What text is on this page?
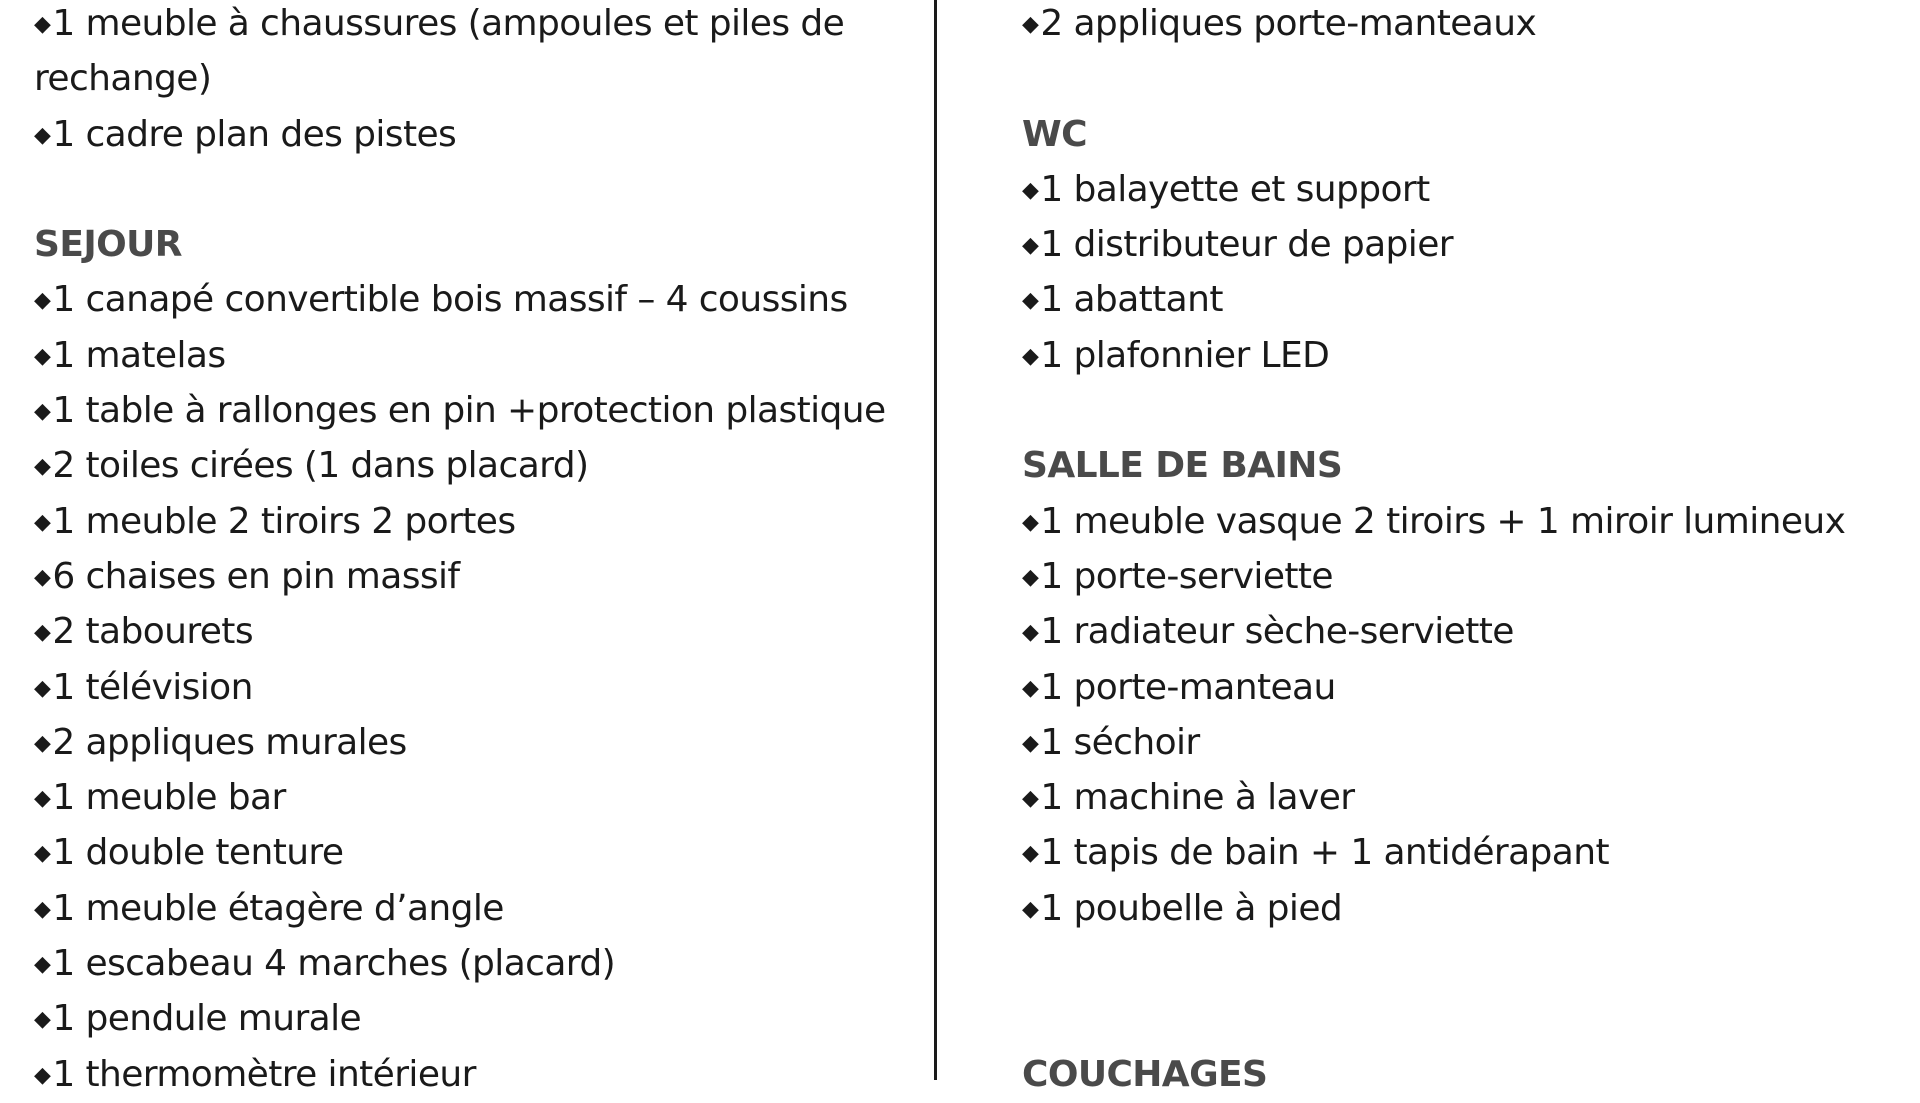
◆1 meuble à chaussures (ampoules et piles de
rechange)
◆1 cadre plan des pistes
SEJOUR
◆1 canapé convertible bois massif – 4 coussins
◆1 matelas
◆1 table à rallonges en pin +protection plastique
◆2 toiles cirées (1 dans placard)
◆1 meuble 2 tiroirs 2 portes
◆6 chaises en pin massif
◆2 tabourets
◆1 télévision
◆2 appliques murales
◆1 meuble bar
◆1 double tenture
◆1 meuble étagère d’angle
◆1 escabeau 4 marches (placard)
◆1 pendule murale
◆1 thermomètre intérieur
◆2 appliques porte-manteaux
WC
◆1 balayette et support
◆1 distributeur de papier
◆1 abattant
◆1 plafonnier LED
SALLE DE BAINS
◆1 meuble vasque 2 tiroirs + 1 miroir lumineux
◆1 porte-serviette
◆1 radiateur sèche-serviette
◆1 porte-manteau
◆1 séchoir
◆1 machine à laver
◆1 tapis de bain + 1 antidérapant
◆1 poubelle à pied
COUCHAGES
